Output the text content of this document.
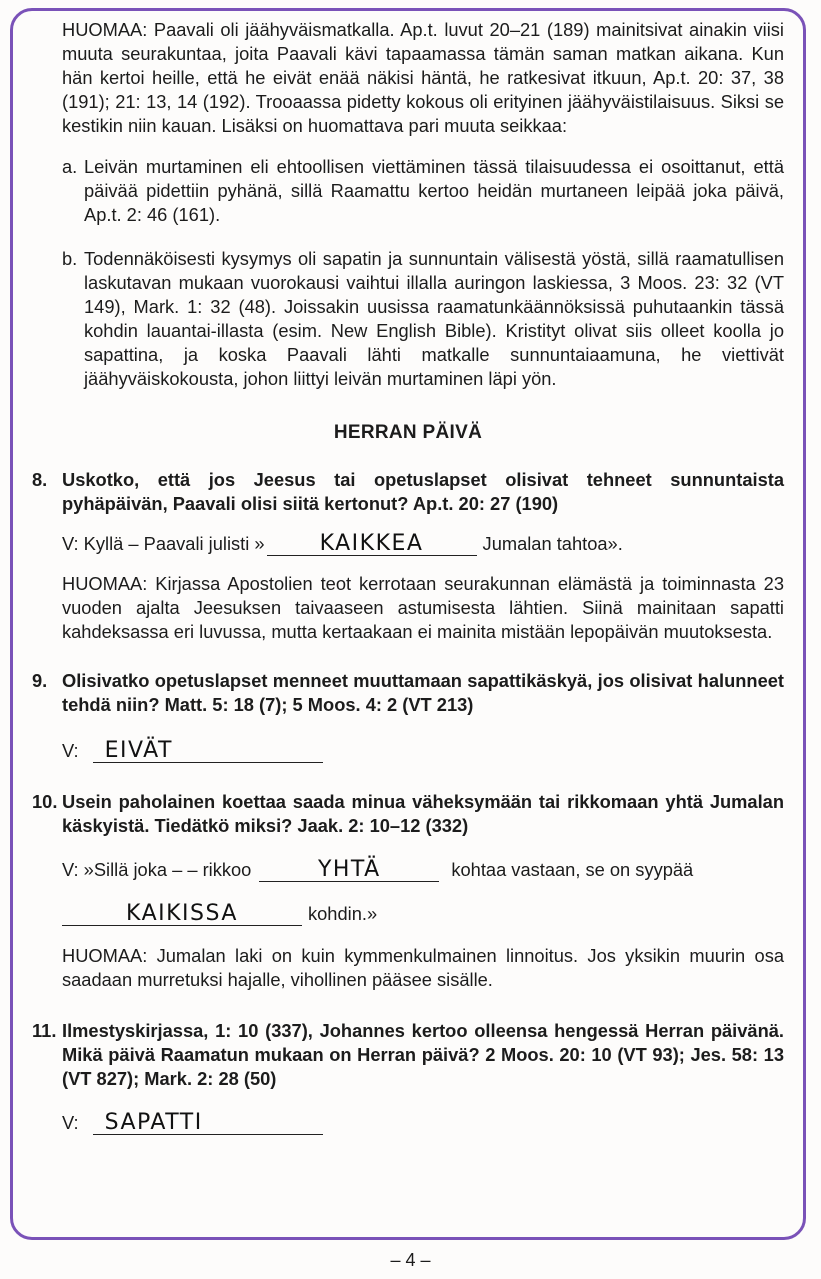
HUOMAA: Paavali oli jäähyväismatkalla. Ap.t. luvut 20–21 (189) mainitsivat ainakin viisi muuta seurakuntaa, joita Paavali kävi tapaamassa tämän saman matkan aikana. Kun hän kertoi heille, että he eivät enää näkisi häntä, he ratkesivat itkuun, Ap.t. 20: 37, 38 (191); 21: 13, 14 (192). Trooaassa pidetty kokous oli erityinen jäähyväistilaisuus. Siksi se kestikin niin kauan. Lisäksi on huomattava pari muuta seikkaa:

a. Leivän murtaminen eli ehtoollisen viettäminen tässä tilaisuudessa ei osoittanut, että päivää pidettiin pyhänä, sillä Raamattu kertoo heidän murtaneen leipää joka päivä, Ap.t. 2: 46 (161).
b. Todennäköisesti kysymys oli sapatin ja sunnuntain välisestä yöstä, sillä raamatullisen laskutavan mukaan vuorokausi vaihtui illalla auringon laskiessa, 3 Moos. 23: 32 (VT 149), Mark. 1: 32 (48). Joissakin uusissa raamatunkäännöksissä puhutaankin tässä kohdin lauantai-illasta (esim. New English Bible). Kristityt olivat siis olleet koolla jo sapattina, ja koska Paavali lähti matkalle sunnuntaiaamuna, he viettivät jäähyväiskokousta, johon liittyi leivän murtaminen läpi yön.

HERRAN PÄIVÄ

8. Uskotko, että jos Jeesus tai opetuslapset olisivat tehneet sunnuntaista pyhäpäivän, Paavali olisi siitä kertonut? Ap.t. 20: 27 (190)
V: Kyllä – Paavali julisti »	KAIKKEA	Jumalan tahtoa».

HUOMAA: Kirjassa Apostolien teot kerrotaan seurakunnan elämästä ja toiminnasta 23 vuoden ajalta Jeesuksen taivaaseen astumisesta lähtien. Siinä mainitaan sapatti kahdeksassa eri luvussa, mutta kertaakaan ei mainita mistään lepopäivän muutoksesta.

9. Olisivatko opetuslapset menneet muuttamaan sapattikäskyä, jos olisivat halunneet tehdä niin? Matt. 5: 18 (7); 5 Moos. 4: 2 (VT 213)
V:	EIVÄT
10. Usein paholainen koettaa saada minua väheksymään tai rikkomaan yhtä Jumalan käskyistä. Tiedätkö miksi? Jaak. 2: 10–12 (332)
V: »Sillä joka – – rikkoo	YHTÄ	kohtaa vastaan, se on syypää
KAIKISSA	kohdin.»

HUOMAA: Jumalan laki on kuin kymmenkulmainen linnoitus. Jos yksikin muurin osa saadaan murretuksi hajalle, vihollinen pääsee sisälle.

11. Ilmestyskirjassa, 1: 10 (337), Johannes kertoo olleensa hengessä Herran päivänä. Mikä päivä Raamatun mukaan on Herran päivä? 2 Moos. 20: 10 (VT 93); Jes. 58: 13 (VT 827); Mark. 2: 28 (50)
V:	SAPATTI
– 4 –
